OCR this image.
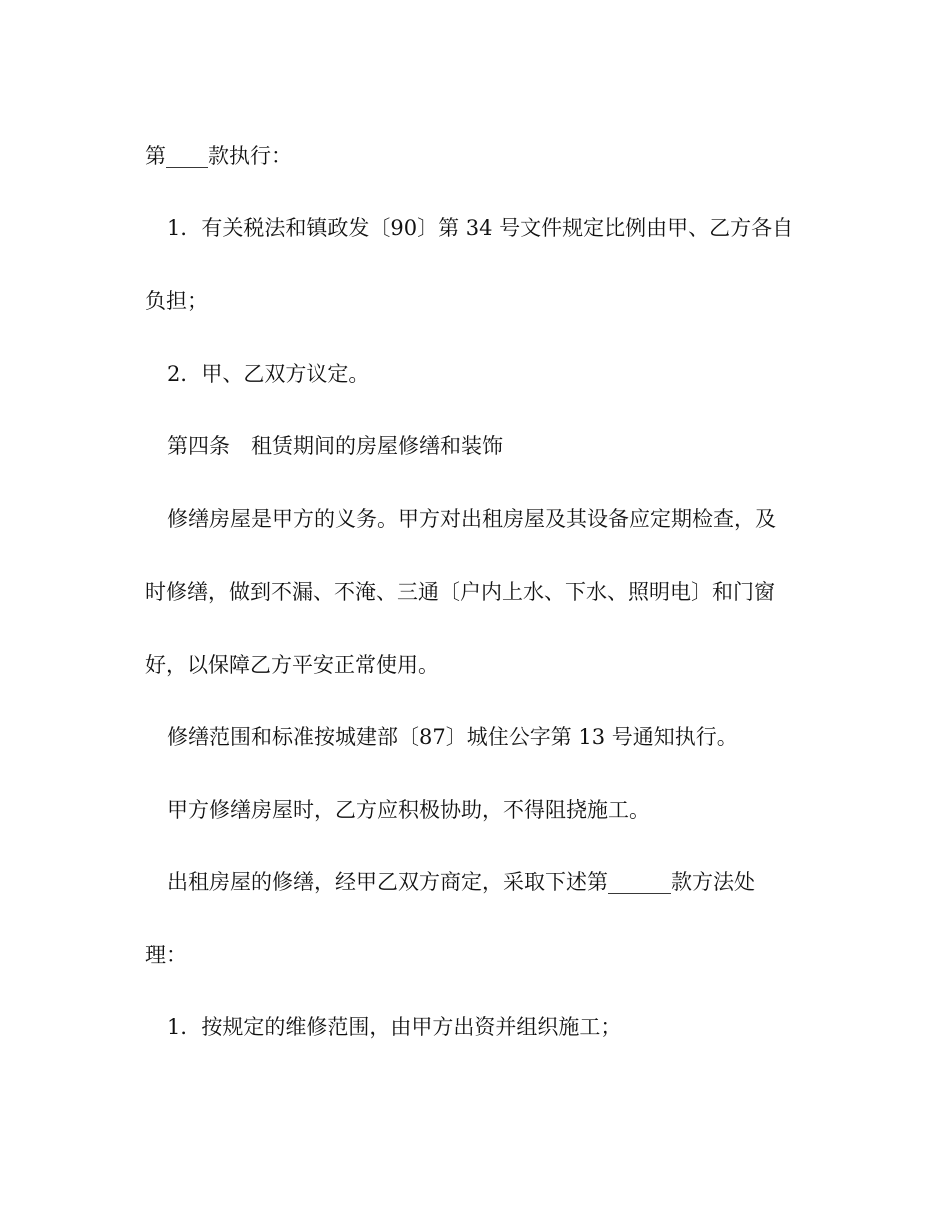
第____款执行：
1．有关税法和镇政发〔90〕第 34 号文件规定比例由甲、乙方各自
负担；
2．甲、乙双方议定。
第四条　租赁期间的房屋修缮和装饰
修缮房屋是甲方的义务。甲方对出租房屋及其设备应定期检查，及
时修缮，做到不漏、不淹、三通〔户内上水、下水、照明电〕和门窗
好，以保障乙方平安正常使用。
修缮范围和标准按城建部〔87〕城住公字第 13 号通知执行。
甲方修缮房屋时，乙方应积极协助，不得阻挠施工。
出租房屋的修缮，经甲乙双方商定，采取下述第______款方法处
理：
1．按规定的维修范围，由甲方出资并组织施工；
